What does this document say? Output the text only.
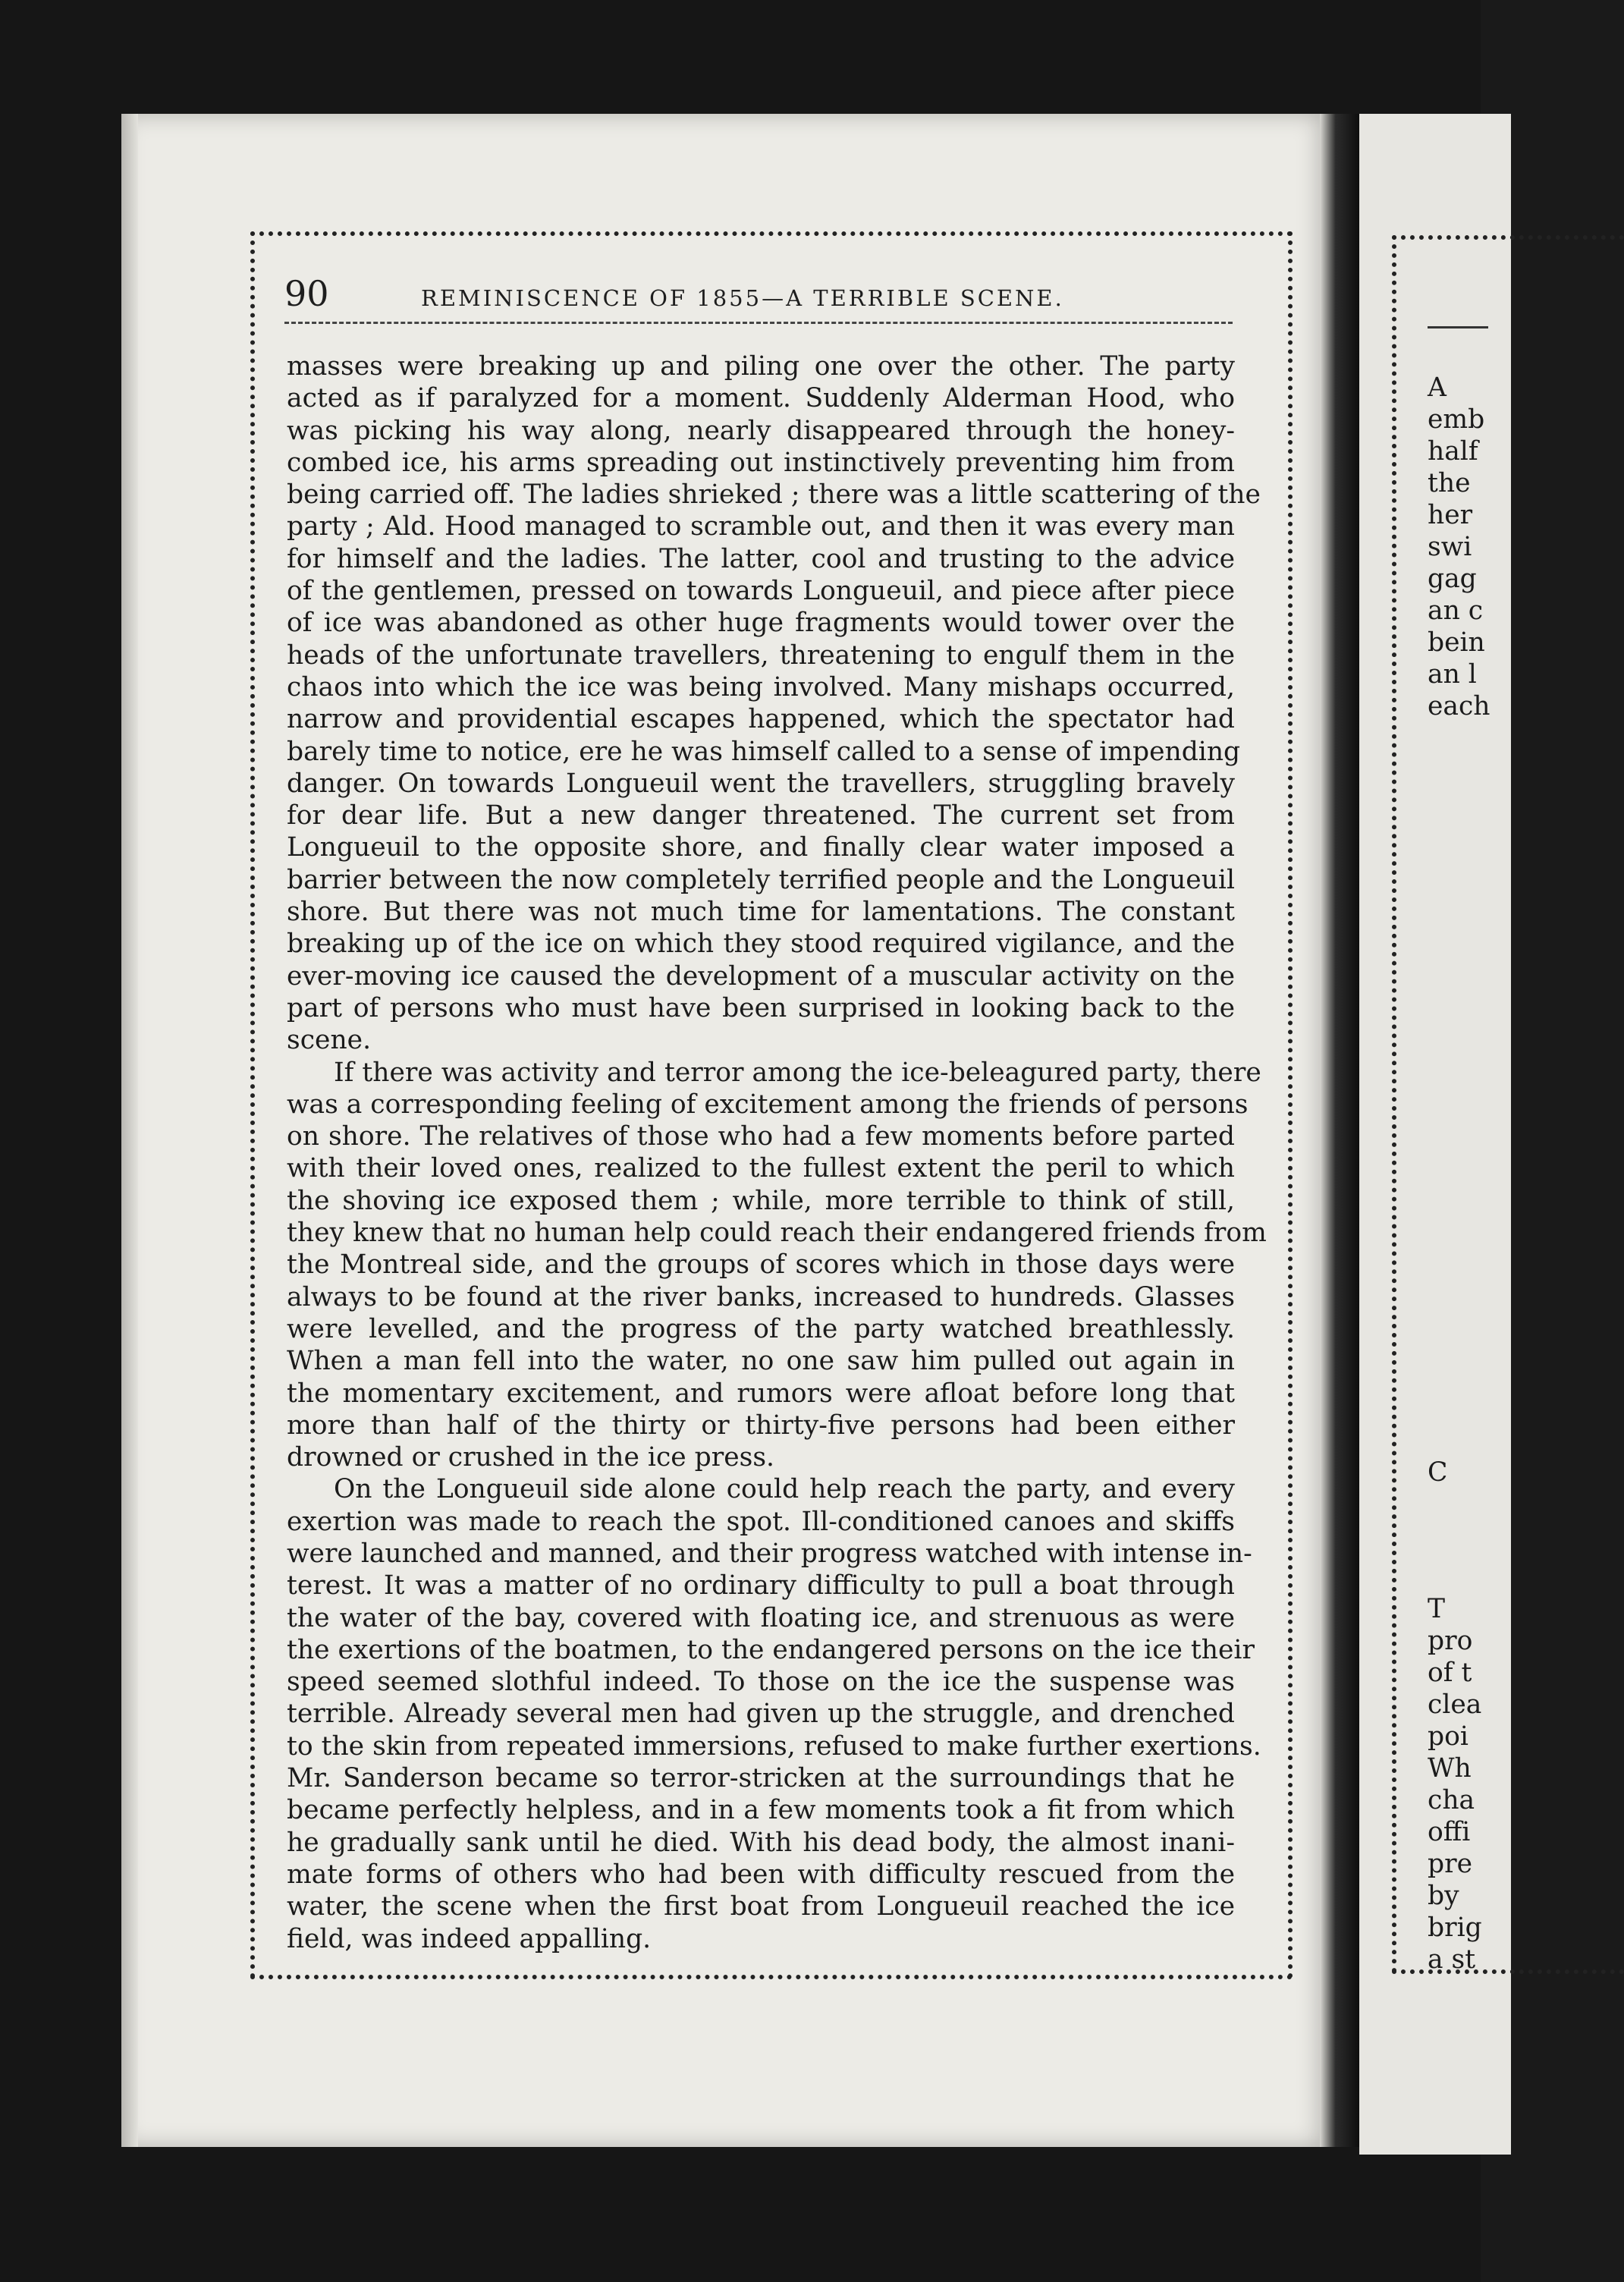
90	REMINISCENCE OF 1855—A TERRIBLE SCENE.
masses were breaking up and piling one over the other. The party
acted as if paralyzed for a moment. Suddenly Alderman Hood, who
was picking his way along, nearly disappeared through the honey-
combed ice, his arms spreading out instinctively preventing him from
being carried off. The ladies shrieked ; there was a little scattering of the
party ; Ald. Hood managed to scramble out, and then it was every man
for himself and the ladies. The latter, cool and trusting to the advice
of the gentlemen, pressed on towards Longueuil, and piece after piece
of ice was abandoned as other huge fragments would tower over the
heads of the unfortunate travellers, threatening to engulf them in the
chaos into which the ice was being involved. Many mishaps occurred,
narrow and providential escapes happened, which the spectator had
barely time to notice, ere he was himself called to a sense of impending
danger. On towards Longueuil went the travellers, struggling bravely
for dear life. But a new danger threatened. The current set from
Longueuil to the opposite shore, and finally clear water imposed a
barrier between the now completely terrified people and the Longueuil
shore. But there was not much time for lamentations. The constant
breaking up of the ice on which they stood required vigilance, and the
ever-moving ice caused the development of a muscular activity on the
part of persons who must have been surprised in looking back to the
scene.
If there was activity and terror among the ice-beleagured party, there
was a corresponding feeling of excitement among the friends of persons
on shore. The relatives of those who had a few moments before parted
with their loved ones, realized to the fullest extent the peril to which
the shoving ice exposed them ; while, more terrible to think of still,
they knew that no human help could reach their endangered friends from
the Montreal side, and the groups of scores which in those days were
always to be found at the river banks, increased to hundreds. Glasses
were levelled, and the progress of the party watched breathlessly.
When a man fell into the water, no one saw him pulled out again in
the momentary excitement, and rumors were afloat before long that
more than half of the thirty or thirty-five persons had been either
drowned or crushed in the ice press.
On the Longueuil side alone could help reach the party, and every
exertion was made to reach the spot. Ill-conditioned canoes and skiffs
were launched and manned, and their progress watched with intense in-
terest. It was a matter of no ordinary difficulty to pull a boat through
the water of the bay, covered with floating ice, and strenuous as were
the exertions of the boatmen, to the endangered persons on the ice their
speed seemed slothful indeed. To those on the ice the suspense was
terrible. Already several men had given up the struggle, and drenched
to the skin from repeated immersions, refused to make further exertions.
Mr. Sanderson became so terror-stricken at the surroundings that he
became perfectly helpless, and in a few moments took a fit from which
he gradually sank until he died. With his dead body, the almost inani-
mate forms of others who had been with difficulty rescued from the
water, the scene when the first boat from Longueuil reached the ice
field, was indeed appalling.
A
emb
half
the
her
swi
gag
an c
bein
an l
each
C
T
pro
of t
clea
poi
Wh
cha
offi
pre
by
brig
a st
